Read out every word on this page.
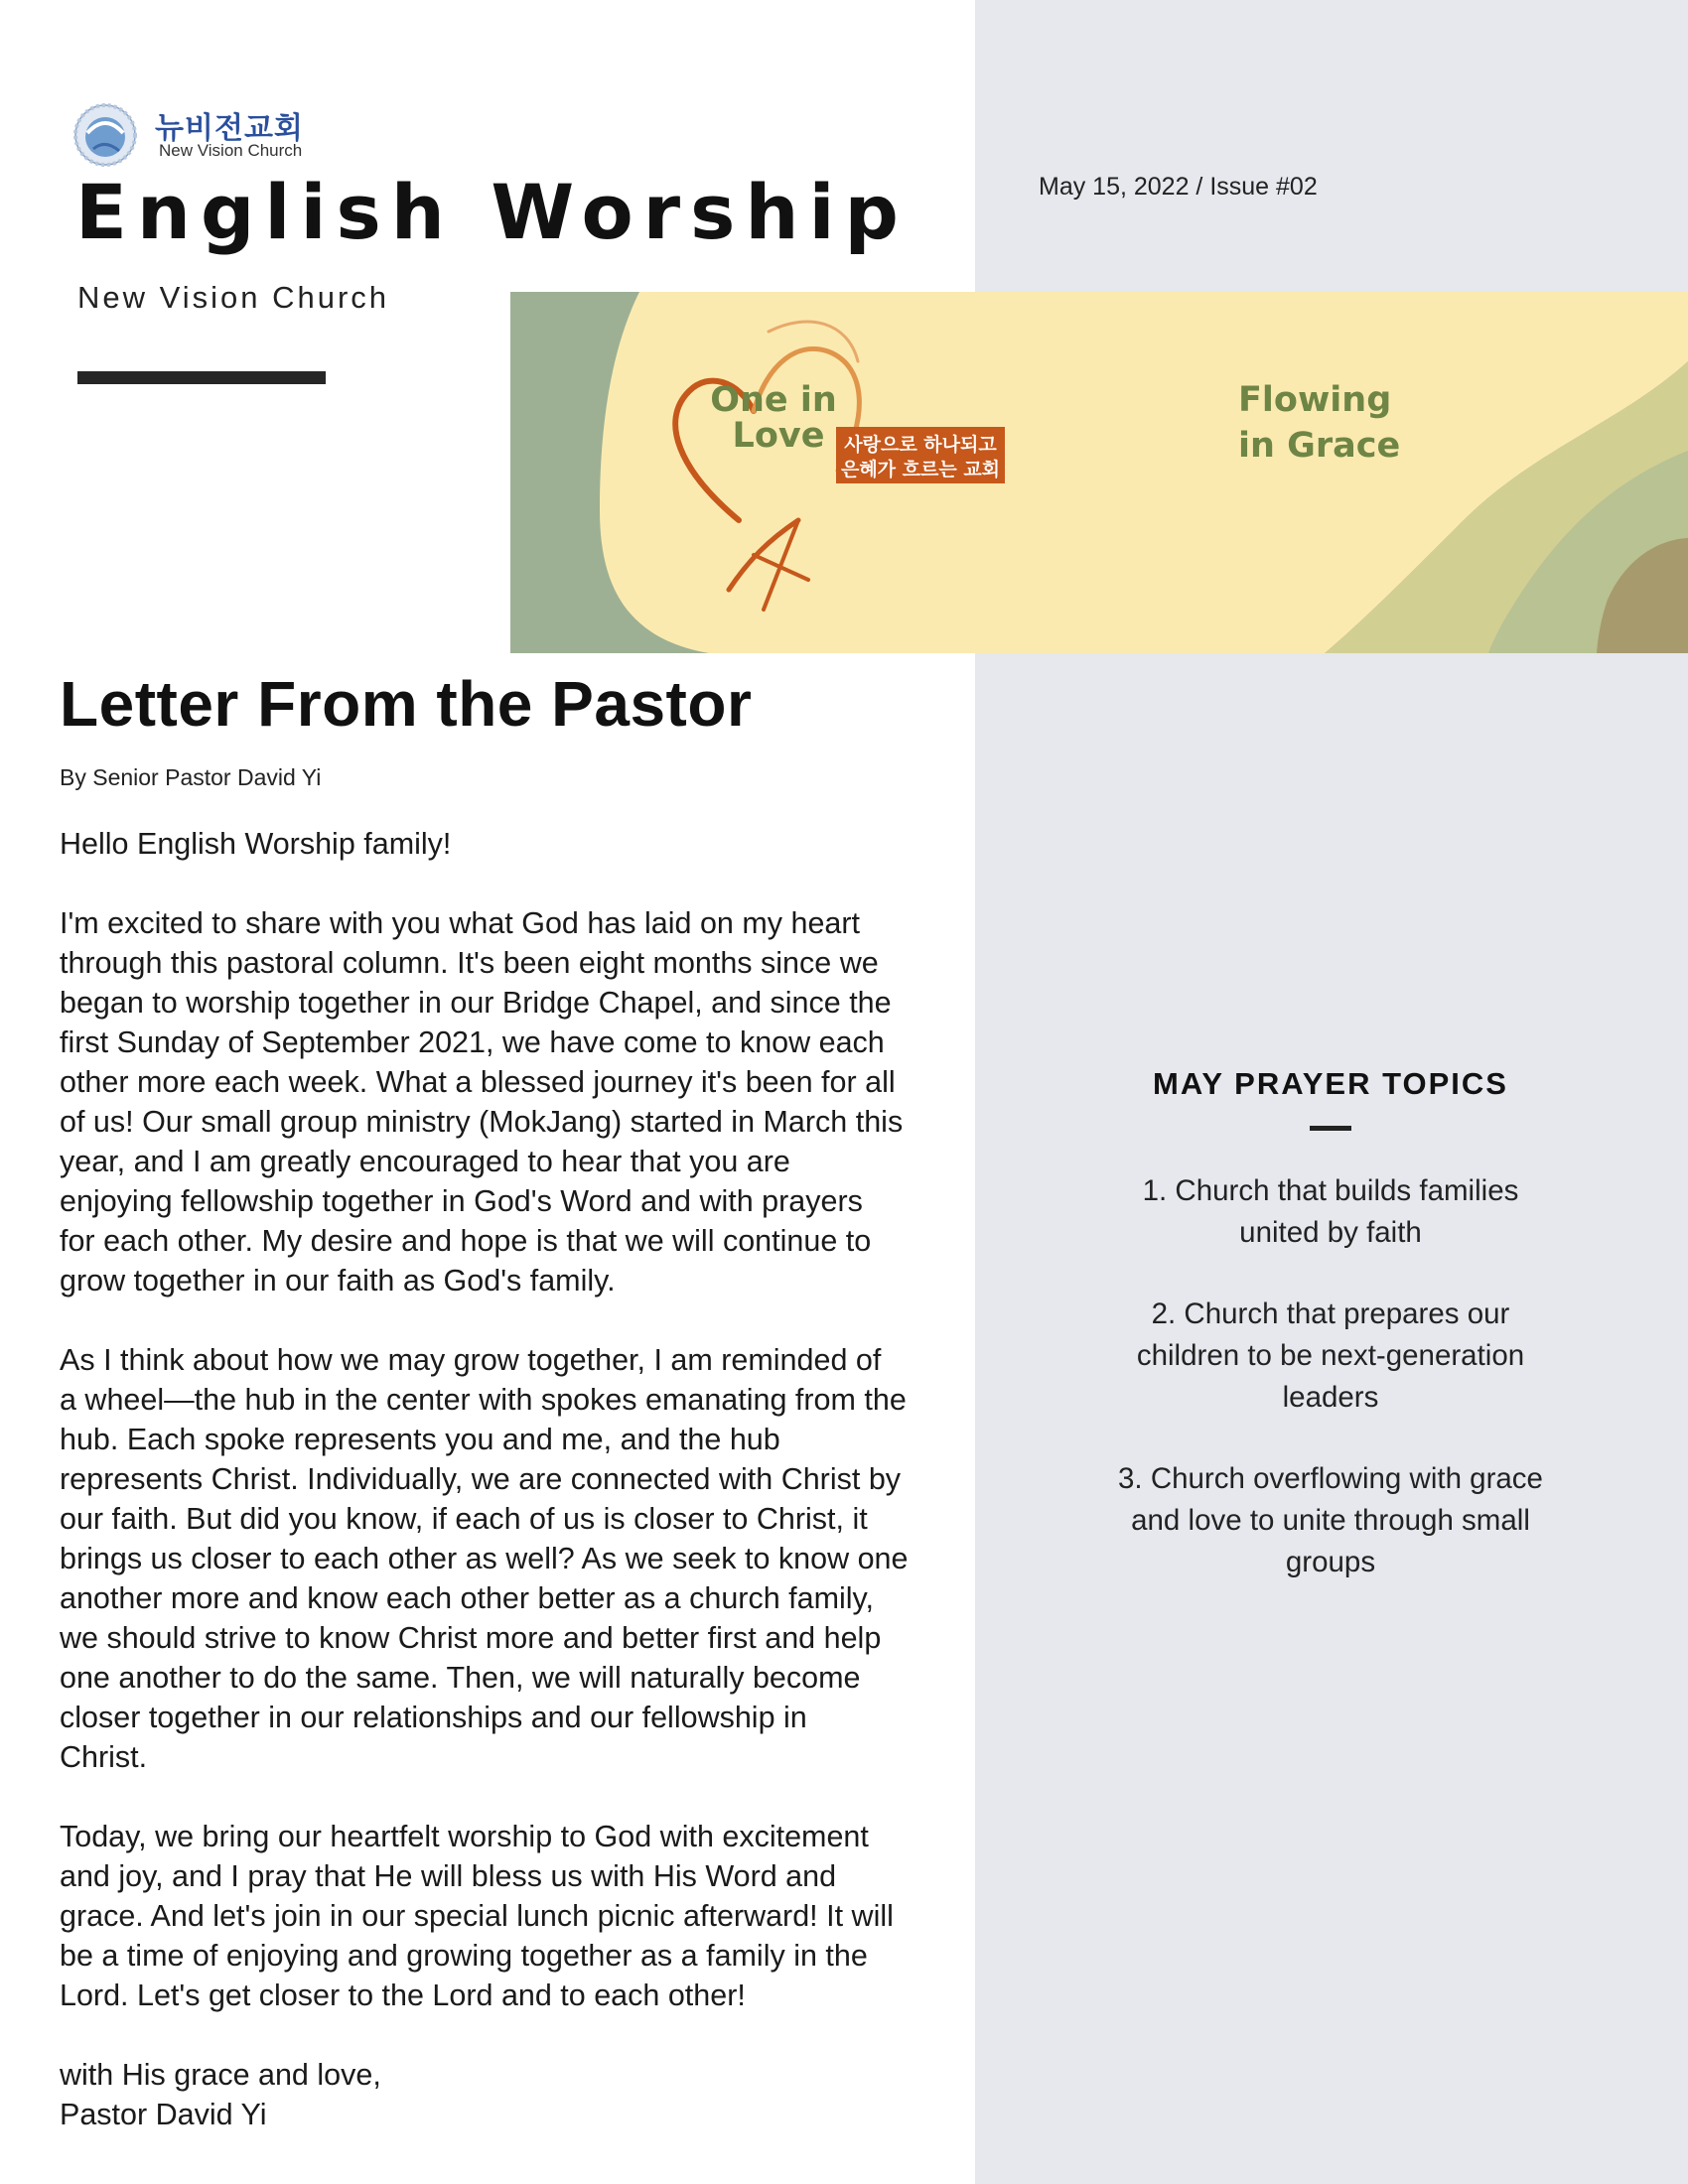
뉴비전교회
New Vision Church
English Worship
New Vision Church
May 15, 2022 / Issue #02
One in
Love 사랑으로 하나되고
은혜가 흐르는 교회
Flowing
in Grace
Letter From the Pastor
By Senior Pastor David Yi

Hello English Worship family!

I'm excited to share with you what God has laid on my heart
through this pastoral column. It's been eight months since we
began to worship together in our Bridge Chapel, and since the
first Sunday of September 2021, we have come to know each
other more each week. What a blessed journey it's been for all
of us! Our small group ministry (MokJang) started in March this
year, and I am greatly encouraged to hear that you are
enjoying fellowship together in God's Word and with prayers
for each other. My desire and hope is that we will continue to
grow together in our faith as God's family.

As I think about how we may grow together, I am reminded of
a wheel—the hub in the center with spokes emanating from the
hub. Each spoke represents you and me, and the hub
represents Christ. Individually, we are connected with Christ by
our faith. But did you know, if each of us is closer to Christ, it
brings us closer to each other as well? As we seek to know one
another more and know each other better as a church family,
we should strive to know Christ more and better first and help
one another to do the same. Then, we will naturally become
closer together in our relationships and our fellowship in
Christ.

Today, we bring our heartfelt worship to God with excitement
and joy, and I pray that He will bless us with His Word and
grace. And let's join in our special lunch picnic afterward! It will
be a time of enjoying and growing together as a family in the
Lord. Let's get closer to the Lord and to each other!

with His grace and love,
Pastor David Yi

MAY PRAYER TOPICS
1. Church that builds families
united by faith
2. Church that prepares our
children to be next-generation
leaders
3. Church overflowing with grace
and love to unite through small
groups
